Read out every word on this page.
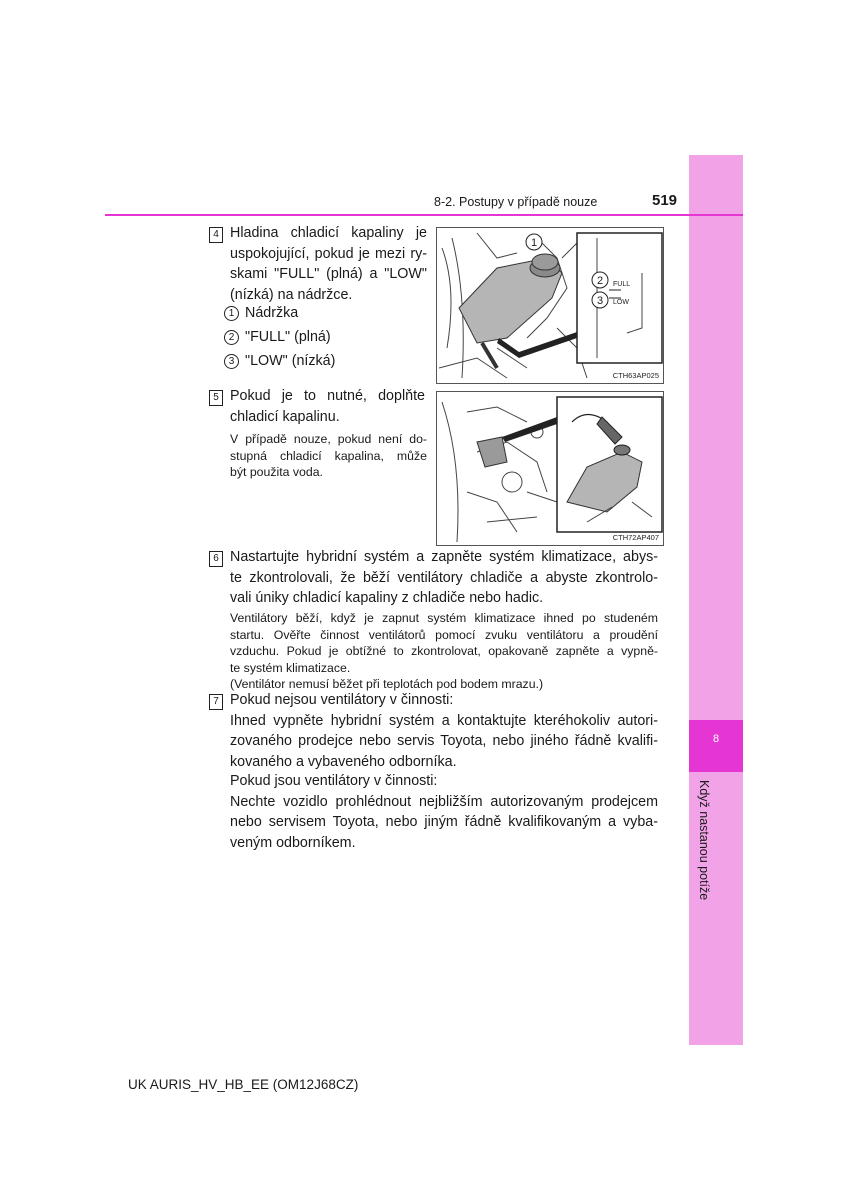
8
Když nastanou potíže
8-2. Postupy v případě nouze	519
4 Hladina chladicí kapaliny je
uspokojující, pokud je mezi ry-
skami "FULL" (plná) a "LOW"
(nízká) na nádržce.
1 Nádržka
2 "FULL" (plná)
3 "LOW" (nízká)
FULL
LOW
1
2
3
CTH63AP025
5 Pokud je to nutné, doplňte
chladicí kapalinu.
V případě nouze, pokud není do-
stupná chladicí kapalina, může
být použita voda.
CTH72AP407
6 Nastartujte hybridní systém a zapněte systém klimatizace, abys-
te zkontrolovali, že běží ventilátory chladiče a abyste zkontrolo-
vali úniky chladicí kapaliny z chladiče nebo hadic.
Ventilátory běží, když je zapnut systém klimatizace ihned po studeném
startu. Ověřte činnost ventilátorů pomocí zvuku ventilátoru a proudění
vzduchu. Pokud je obtížné to zkontrolovat, opakovaně zapněte a vypně-
te systém klimatizace.
(Ventilátor nemusí běžet při teplotách pod bodem mrazu.)
7 Pokud nejsou ventilátory v činnosti:
Ihned vypněte hybridní systém a kontaktujte kteréhokoliv autori-
zovaného prodejce nebo servis Toyota, nebo jiného řádně kvalifi-
kovaného a vybaveného odborníka.
Pokud jsou ventilátory v činnosti:
Nechte vozidlo prohlédnout nejbližším autorizovaným prodejcem
nebo servisem Toyota, nebo jiným řádně kvalifikovaným a vyba-
veným odborníkem.
UK AURIS_HV_HB_EE (OM12J68CZ)
